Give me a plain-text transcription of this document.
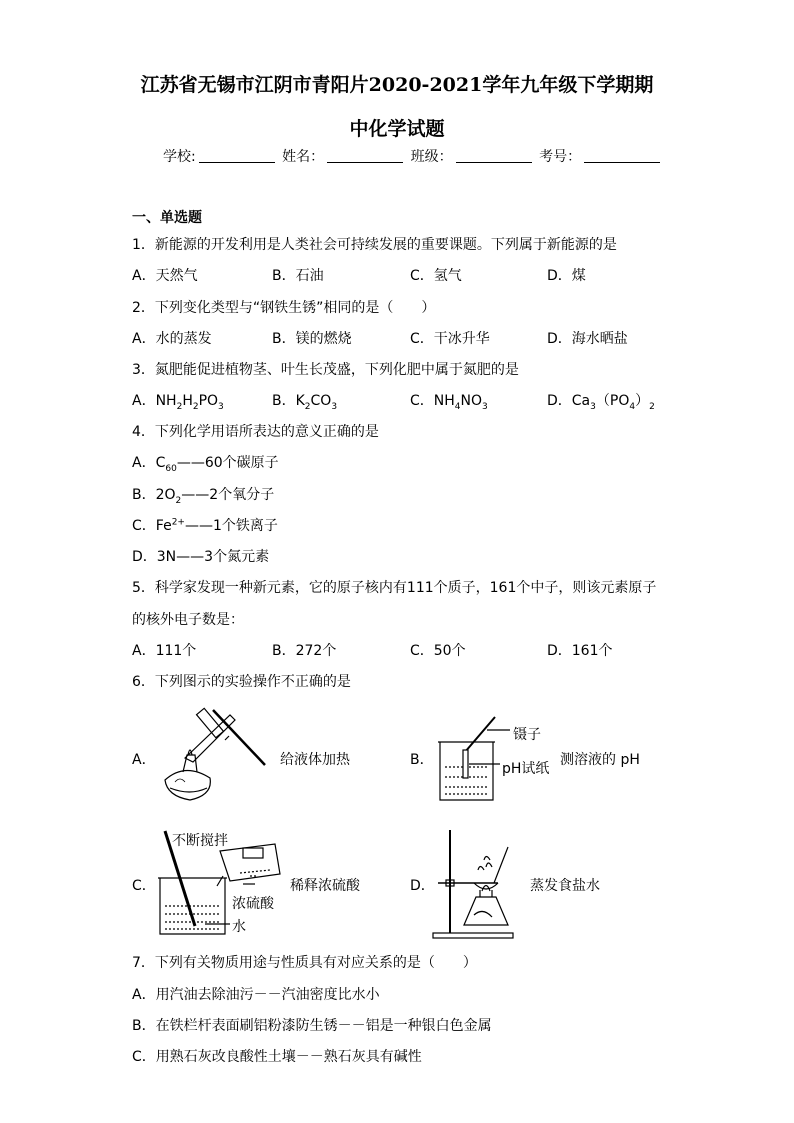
江苏省无锡市江阴市青阳片2020-2021学年九年级下学期期
中化学试题
学校:	姓名：	班级：	考号：
一、单选题
1．新能源的开发利用是人类社会可持续发展的重要课题。下列属于新能源的是
A．天然气	B．石油	C．氢气	D．煤
2．下列变化类型与“钢铁生锈”相同的是（　　）
A．水的蒸发	B．镁的燃烧	C．干冰升华	D．海水晒盐
3．氮肥能促进植物茎、叶生长茂盛，下列化肥中属于氮肥的是
A．$NH_2H_2PO_3$	B．$K_2CO_3$	C．$NH_4NO_3$	D．$Ca_3(PO_4)_2$
4．下列化学用语所表达的意义正确的是
A．$C_{60}——60$个碳原子
B．$2O_2——2$个氧分子
C．$Fe^{2+}——1$个铁离子
D．3N——3个氮元素
5．科学家发现一种新元素，它的原子核内有111个质子，161个中子，则该元素原子
的核外电子数是：
A．111个	B．272个	C．50个	D．161个
6．下列图示的实验操作不正确的是
A．	给液体加热	B．
镊子
pH试纸
测溶液的 pH
C．
不断搅拌
浓硫酸
水
稀释浓硫酸	D．	蒸发食盐水
7．下列有关物质用途与性质具有对应关系的是（　　）
A．用汽油去除油污－－汽油密度比水小
B．在铁栏杆表面刷铝粉漆防生锈－－铝是一种银白色金属
C．用熟石灰改良酸性土壤－－熟石灰具有碱性
